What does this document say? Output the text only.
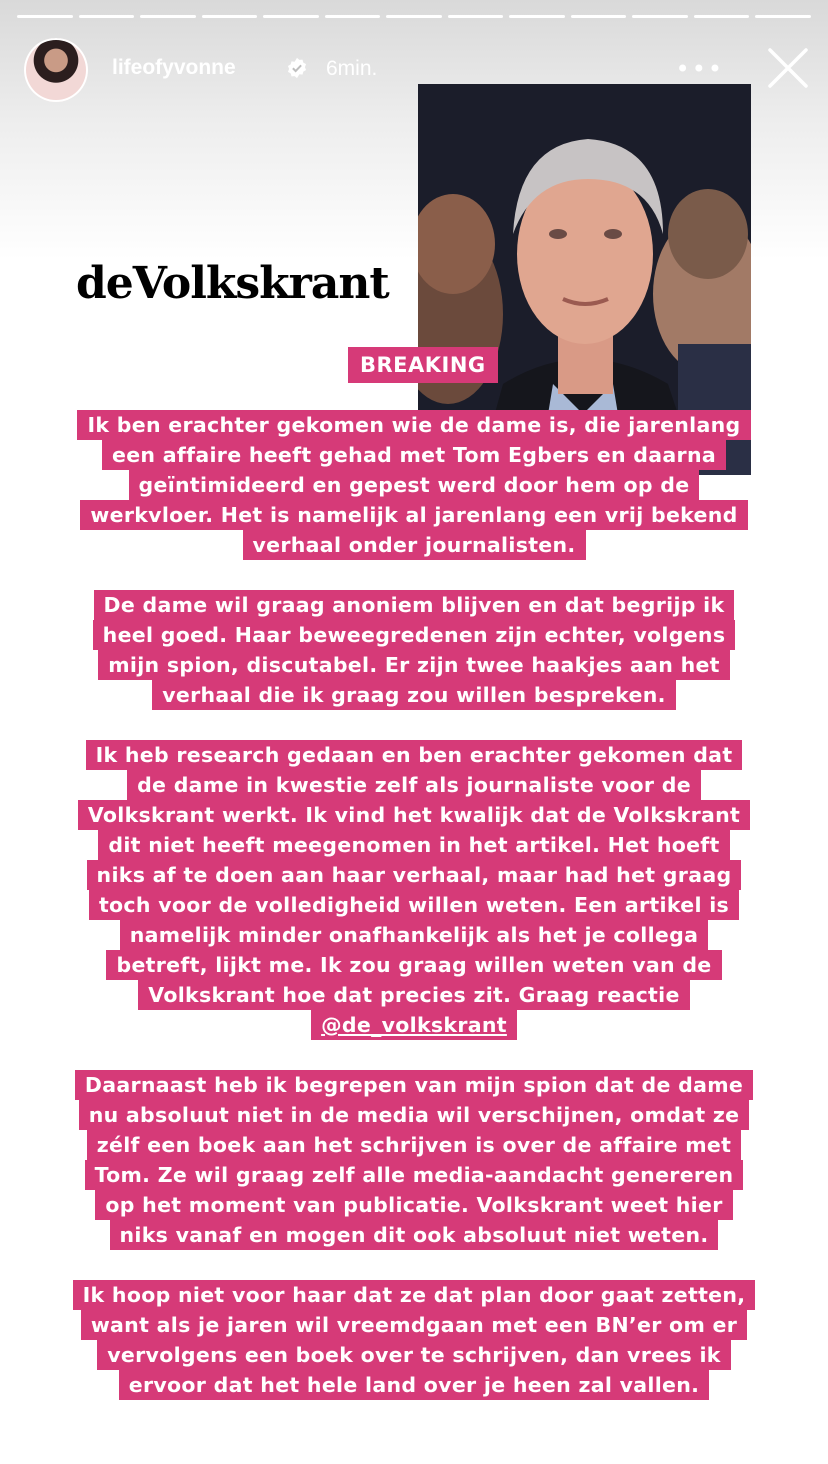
lifeofyvonne	6min.	•••
deVolkskrant
BREAKING
Ik ben erachter gekomen wie de dame is, die jarenlang
een affaire heeft gehad met Tom Egbers en daarna
geïntimideerd en gepest werd door hem op de
werkvloer. Het is namelijk al jarenlang een vrij bekend
verhaal onder journalisten.
De dame wil graag anoniem blijven en dat begrijp ik
heel goed. Haar beweegredenen zijn echter, volgens
mijn spion, discutabel. Er zijn twee haakjes aan het
verhaal die ik graag zou willen bespreken.
Ik heb research gedaan en ben erachter gekomen dat
de dame in kwestie zelf als journaliste voor de
Volkskrant werkt. Ik vind het kwalijk dat de Volkskrant
dit niet heeft meegenomen in het artikel. Het hoeft
niks af te doen aan haar verhaal, maar had het graag
toch voor de volledigheid willen weten. Een artikel is
namelijk minder onafhankelijk als het je collega
betreft, lijkt me. Ik zou graag willen weten van de
Volkskrant hoe dat precies zit. Graag reactie
@de_volkskrant
Daarnaast heb ik begrepen van mijn spion dat de dame
nu absoluut niet in de media wil verschijnen, omdat ze
zélf een boek aan het schrijven is over de affaire met
Tom. Ze wil graag zelf alle media-aandacht genereren
op het moment van publicatie. Volkskrant weet hier
niks vanaf en mogen dit ook absoluut niet weten.
Ik hoop niet voor haar dat ze dat plan door gaat zetten,
want als je jaren wil vreemdgaan met een BN’er om er
vervolgens een boek over te schrijven, dan vrees ik
ervoor dat het hele land over je heen zal vallen.
